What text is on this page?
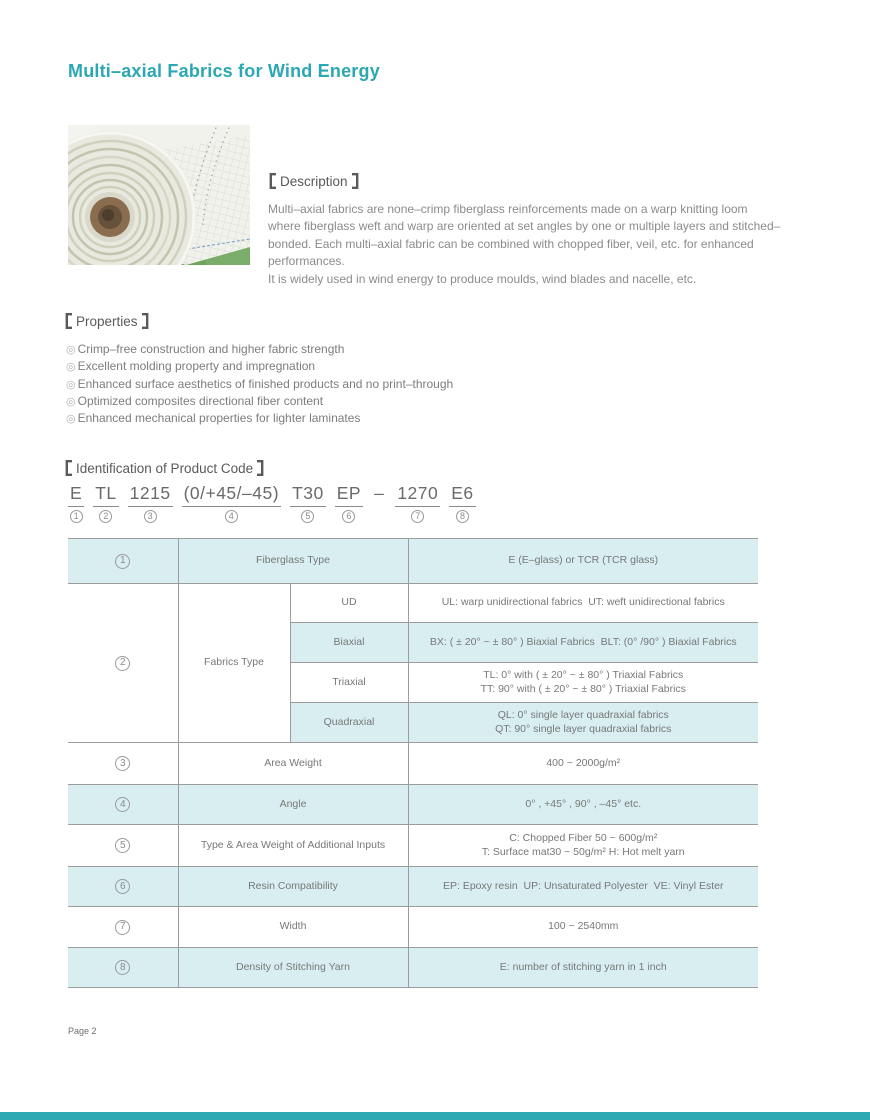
Multi–axial Fabrics for Wind Energy
Description
Multi–axial fabrics are none–crimp fiberglass reinforcements made on a warp knitting loom where fiberglass weft and warp are oriented at set angles by one or multiple layers and stitched–bonded. Each multi–axial fabric can be combined with chopped fiber, veil, etc. for enhanced performances.
It is widely used in wind energy to produce moulds, wind blades and nacelle, etc.
Properties
◎ Crimp–free construction and higher fabric strength
◎ Excellent molding property and impregnation
◎ Enhanced surface aesthetics of finished products and no print–through
◎ Optimized composites directional fiber content
◎ Enhanced mechanical properties for lighter laminates
Identification of Product Code
E
1
TL
2
1215
3
(0/+45/–45)
4
T30
5
EP
6
– 1270
7
E6
8
1	Fiberglass Type		E (E–glass) or TCR (TCR glass)
2	Fabrics Type	UD	UL: warp unidirectional fabrics  UT: weft unidirectional fabrics

		Biaxial	BX: ( ± 20° ~ ± 80° ) Biaxial Fabrics  BLT: (0° /90° ) Biaxial Fabrics

		Triaxial	TL: 0° with ( ± 20° ~ ± 80° ) Triaxial Fabrics
TT: 90° with ( ± 20° ~ ± 80° ) Triaxial Fabrics

		Quadraxial	QL: 0° single layer quadraxial fabrics
QT: 90° single layer quadraxial fabrics

3	Area Weight		400 ~ 2000g/m²

4	Angle		0° , +45° , 90° , –45° etc.

5	Type & Area Weight of Additional Inputs		C: Chopped Fiber 50 ~ 600g/m²
T: Surface mat30 ~ 50g/m² H: Hot melt yarn

6	Resin Compatibility		EP: Epoxy resin  UP: Unsaturated Polyester  VE: Vinyl Ester

7	Width		100 ~ 2540mm

8	Density of Stitching Yarn		E: number of stitching yarn in 1 inch
Page 2
